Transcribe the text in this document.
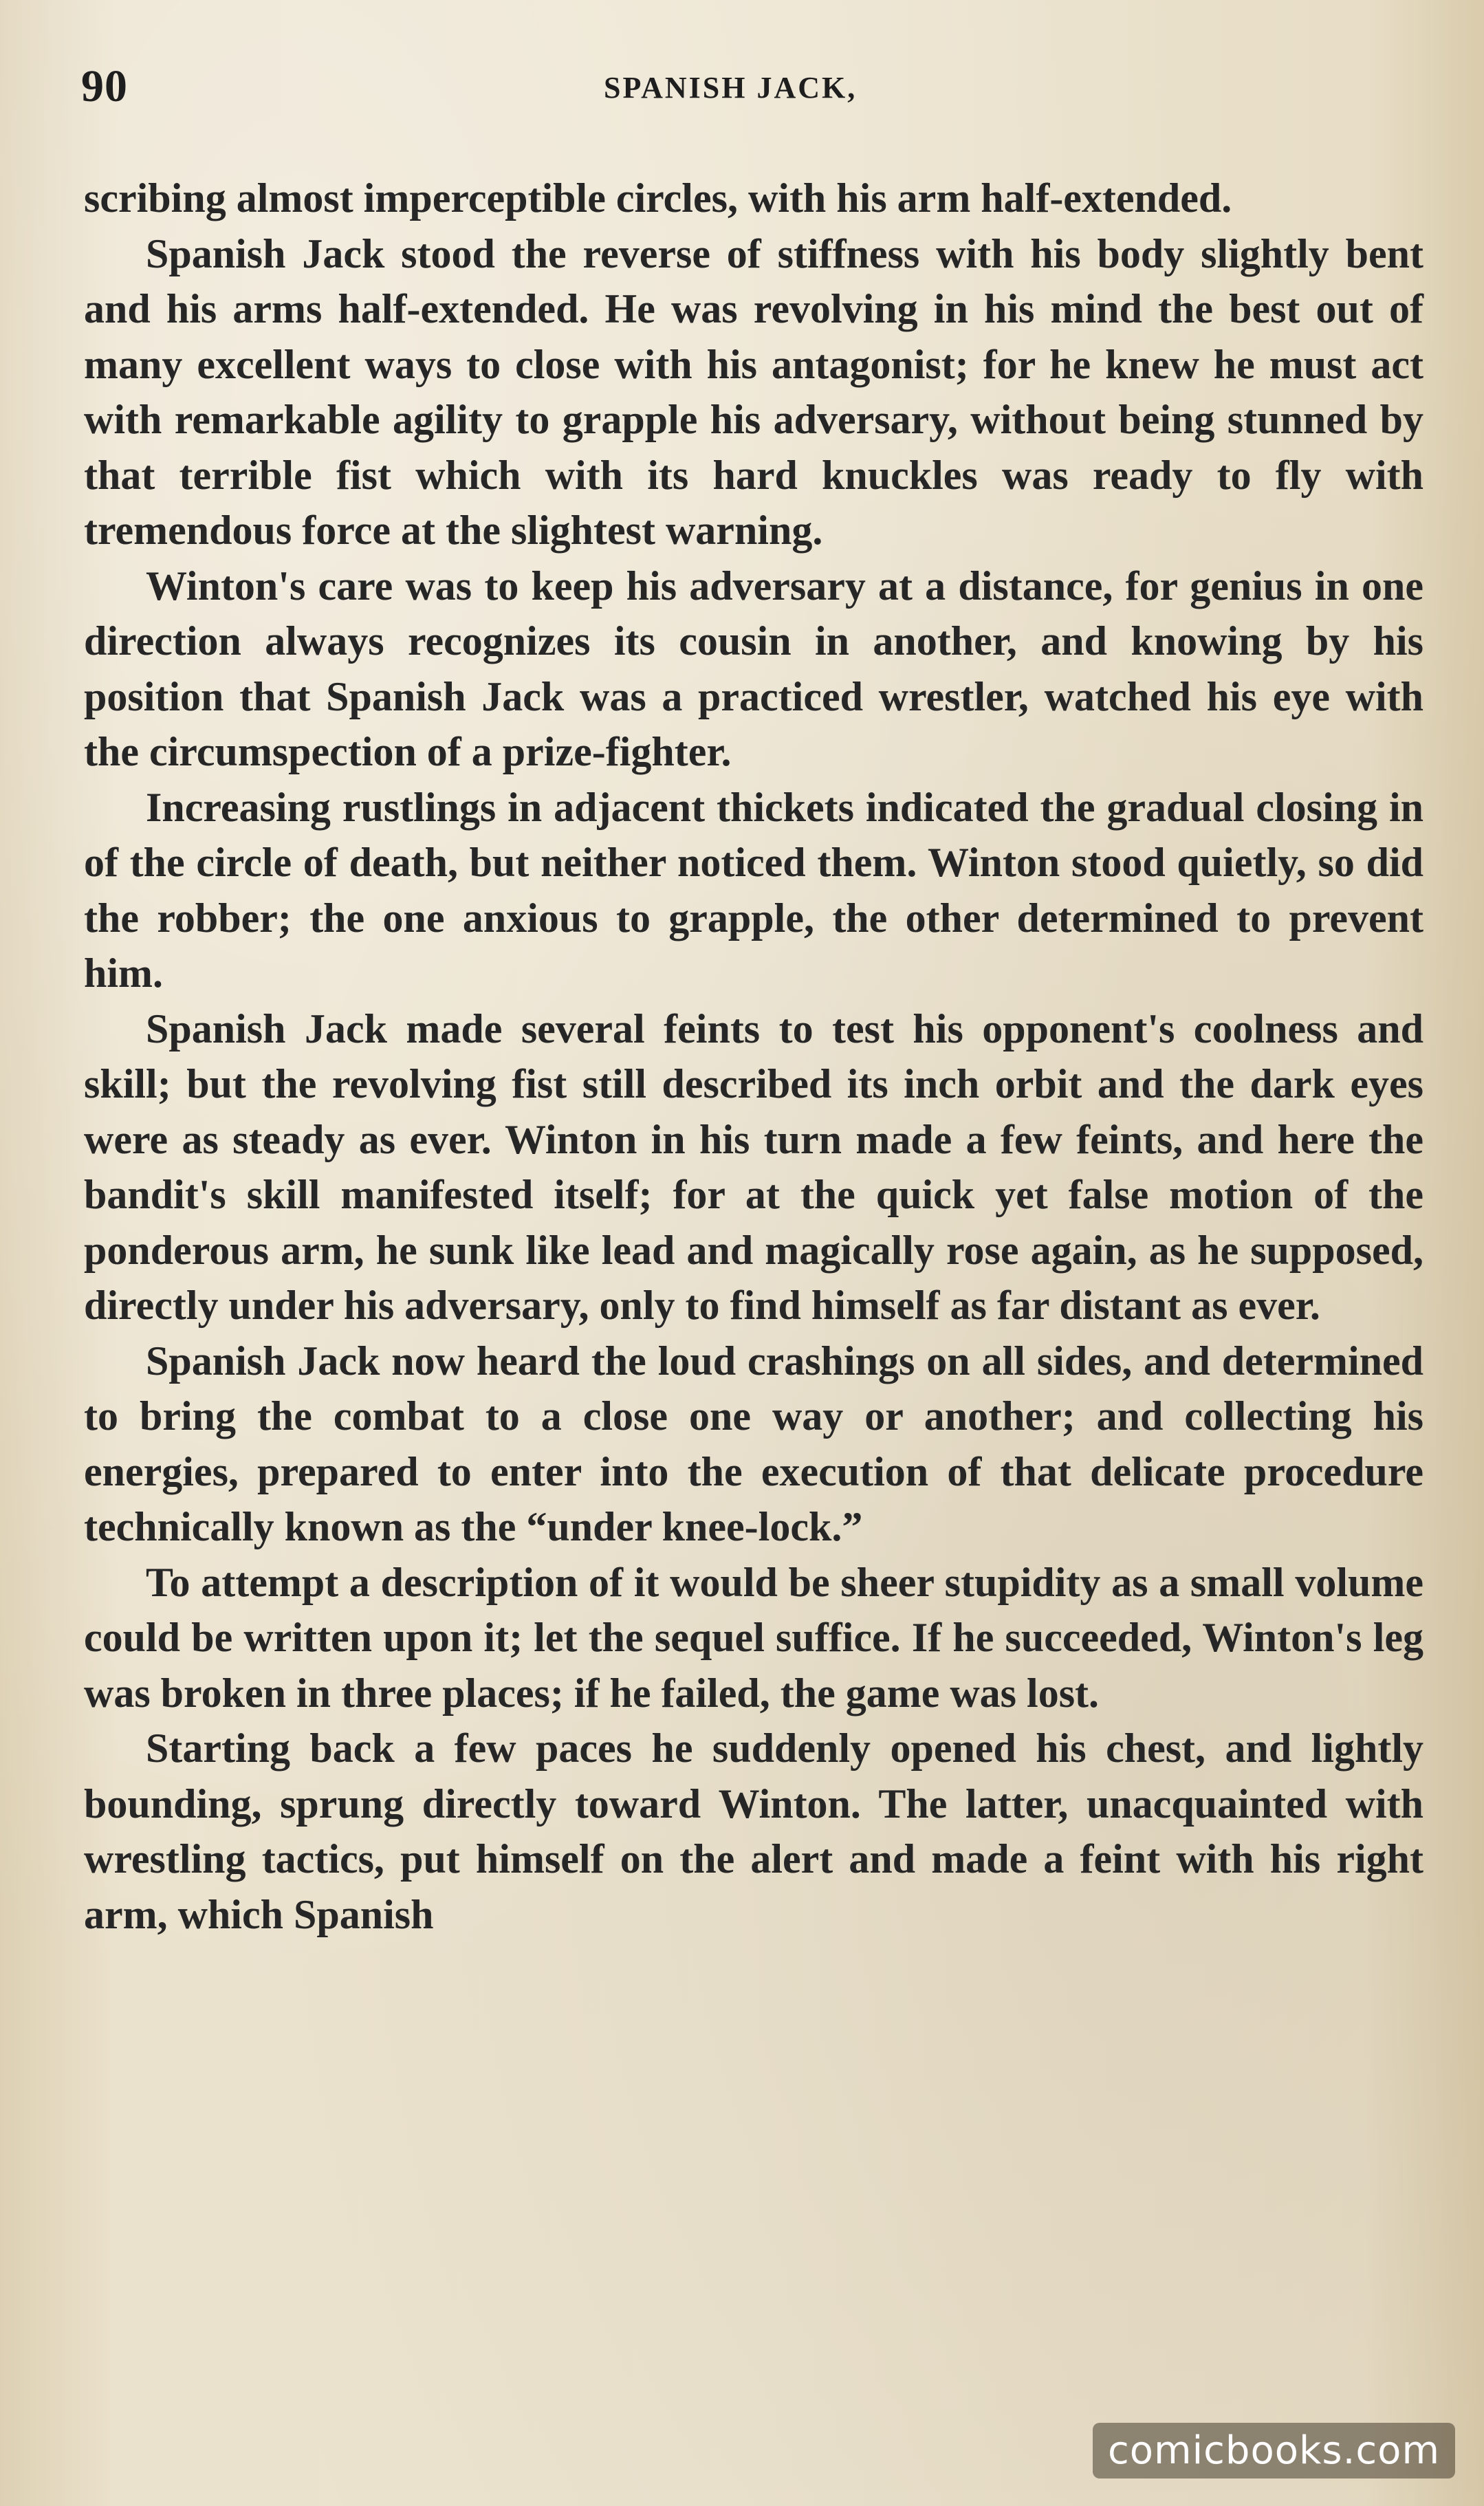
90	SPANISH JACK,

scribing almost imperceptible circles, with his arm half-extended.

Spanish Jack stood the reverse of stiffness with his body slightly bent and his arms half-extended. He was revolving in his mind the best out of many excellent ways to close with his antagonist; for he knew he must act with remarkable agility to grapple his adversary, without being stunned by that terrible fist which with its hard knuckles was ready to fly with tremendous force at the slightest warning.

Winton's care was to keep his adversary at a distance, for genius in one direction always recognizes its cousin in another, and knowing by his position that Spanish Jack was a practiced wrestler, watched his eye with the circumspection of a prize-fighter.

Increasing rustlings in adjacent thickets indicated the gradual closing in of the circle of death, but neither noticed them. Winton stood quietly, so did the robber; the one anxious to grapple, the other determined to prevent him.

Spanish Jack made several feints to test his opponent's coolness and skill; but the revolving fist still described its inch orbit and the dark eyes were as steady as ever. Winton in his turn made a few feints, and here the bandit's skill manifested itself; for at the quick yet false motion of the ponderous arm, he sunk like lead and magically rose again, as he supposed, directly under his adversary, only to find himself as far distant as ever.

Spanish Jack now heard the loud crashings on all sides, and determined to bring the combat to a close one way or another; and collecting his energies, prepared to enter into the execution of that delicate procedure technically known as the “under knee-lock.”

To attempt a description of it would be sheer stupidity as a small volume could be written upon it; let the sequel suffice. If he succeeded, Winton's leg was broken in three places; if he failed, the game was lost.

Starting back a few paces he suddenly opened his chest, and lightly bounding, sprung directly toward Winton. The latter, unacquainted with wrestling tactics, put himself on the alert and made a feint with his right arm, which Spanish

comicbooks.com
